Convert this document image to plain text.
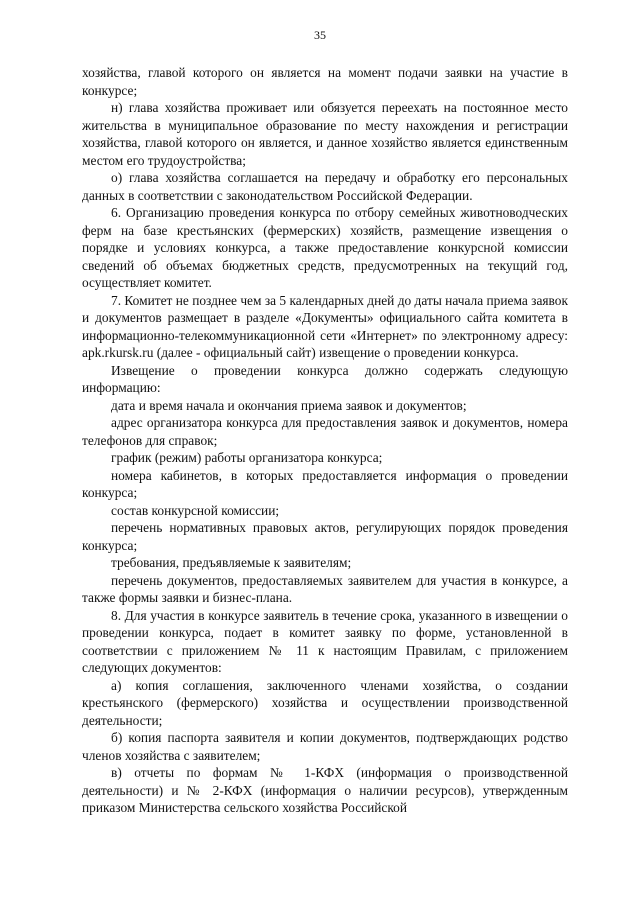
35

хозяйства, главой которого он является на момент подачи заявки на участие в конкурсе;

н) глава хозяйства проживает или обязуется переехать на постоянное место жительства в муниципальное образование по месту нахождения и регистрации хозяйства, главой которого он является, и данное хозяйство является единственным местом его трудоустройства;

о) глава хозяйства соглашается на передачу и обработку его персональных данных в соответствии с законодательством Российской Федерации.

6. Организацию проведения конкурса по отбору семейных животноводческих ферм на базе крестьянских (фермерских) хозяйств, размещение извещения о порядке и условиях конкурса, а также предоставление конкурсной комиссии сведений об объемах бюджетных средств, предусмотренных на текущий год, осуществляет комитет.

7. Комитет не позднее чем за 5 календарных дней до даты начала приема заявок и документов размещает в разделе «Документы» официального сайта комитета в информационно-телекоммуникационной сети «Интернет» по электронному адресу: apk.rkursk.ru (далее - официальный сайт) извещение о проведении конкурса.

Извещение о проведении конкурса должно содержать следующую информацию:

дата и время начала и окончания приема заявок и документов;

адрес организатора конкурса для предоставления заявок и документов, номера телефонов для справок;

график (режим) работы организатора конкурса;

номера кабинетов, в которых предоставляется информация о проведении конкурса;

состав конкурсной комиссии;

перечень нормативных правовых актов, регулирующих порядок проведения конкурса;

требования, предъявляемые к заявителям;

перечень документов, предоставляемых заявителем для участия в конкурсе, а также формы заявки и бизнес-плана.

8. Для участия в конкурсе заявитель в течение срока, указанного в извещении о проведении конкурса, подает в комитет заявку по форме, установленной в соответствии с приложением № 11 к настоящим Правилам, с приложением следующих документов:

а) копия соглашения, заключенного членами хозяйства, о создании крестьянского (фермерского) хозяйства и осуществлении производственной деятельности;

б) копия паспорта заявителя и копии документов, подтверждающих родство членов хозяйства с заявителем;

в) отчеты по формам № 1-КФХ (информация о производственной деятельности) и № 2-КФХ (информация о наличии ресурсов), утвержденным приказом Министерства сельского хозяйства Российской
